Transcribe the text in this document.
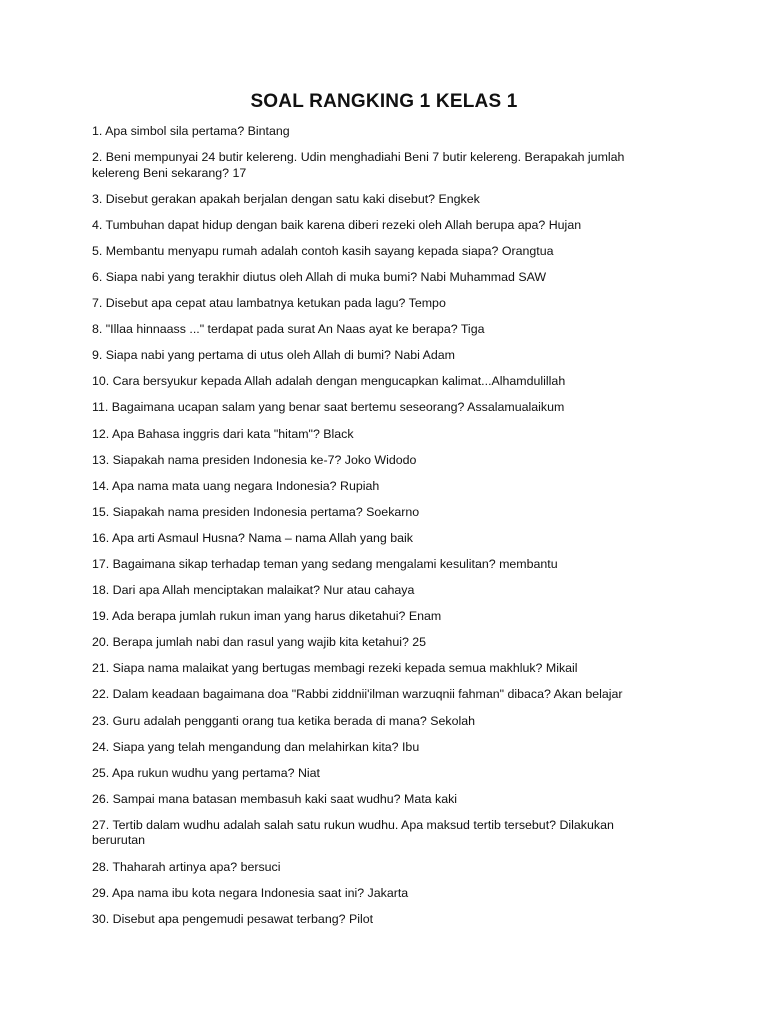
SOAL RANGKING 1 KELAS 1
1. Apa simbol sila pertama? Bintang
2. Beni mempunyai 24 butir kelereng. Udin menghadiahi Beni 7 butir kelereng. Berapakah jumlah kelereng Beni sekarang? 17
3. Disebut gerakan apakah berjalan dengan satu kaki disebut? Engkek
4. Tumbuhan dapat hidup dengan baik karena diberi rezeki oleh Allah berupa apa? Hujan
5. Membantu menyapu rumah adalah contoh kasih sayang kepada siapa? Orangtua
6. Siapa nabi yang terakhir diutus oleh Allah di muka bumi? Nabi Muhammad SAW
7. Disebut apa cepat atau lambatnya ketukan pada lagu? Tempo
8. "Illaa hinnaass ..." terdapat pada surat An Naas ayat ke berapa? Tiga
9. Siapa nabi yang pertama di utus oleh Allah di bumi? Nabi Adam
10. Cara bersyukur kepada Allah adalah dengan mengucapkan kalimat...Alhamdulillah
11. Bagaimana ucapan salam yang benar saat bertemu seseorang? Assalamualaikum
12. Apa Bahasa inggris dari kata "hitam"? Black
13. Siapakah nama presiden Indonesia ke-7? Joko Widodo
14. Apa nama mata uang negara Indonesia? Rupiah
15. Siapakah nama presiden Indonesia pertama? Soekarno
16. Apa arti Asmaul Husna? Nama – nama Allah yang baik
17. Bagaimana sikap terhadap teman yang sedang mengalami kesulitan? membantu
18. Dari apa Allah menciptakan malaikat? Nur atau cahaya
19. Ada berapa jumlah rukun iman yang harus diketahui? Enam
20. Berapa jumlah nabi dan rasul yang wajib kita ketahui? 25
21. Siapa nama malaikat yang bertugas membagi rezeki kepada semua makhluk? Mikail
22. Dalam keadaan bagaimana doa "Rabbi ziddnii'ilman warzuqnii fahman" dibaca? Akan belajar
23. Guru adalah pengganti orang tua ketika berada di mana? Sekolah
24. Siapa yang telah mengandung dan melahirkan kita? Ibu
25. Apa rukun wudhu yang pertama? Niat
26. Sampai mana batasan membasuh kaki saat wudhu? Mata kaki
27. Tertib dalam wudhu adalah salah satu rukun wudhu. Apa maksud tertib tersebut? Dilakukan berurutan
28. Thaharah artinya apa? bersuci
29. Apa nama ibu kota negara Indonesia saat ini? Jakarta
30. Disebut apa pengemudi pesawat terbang? Pilot
